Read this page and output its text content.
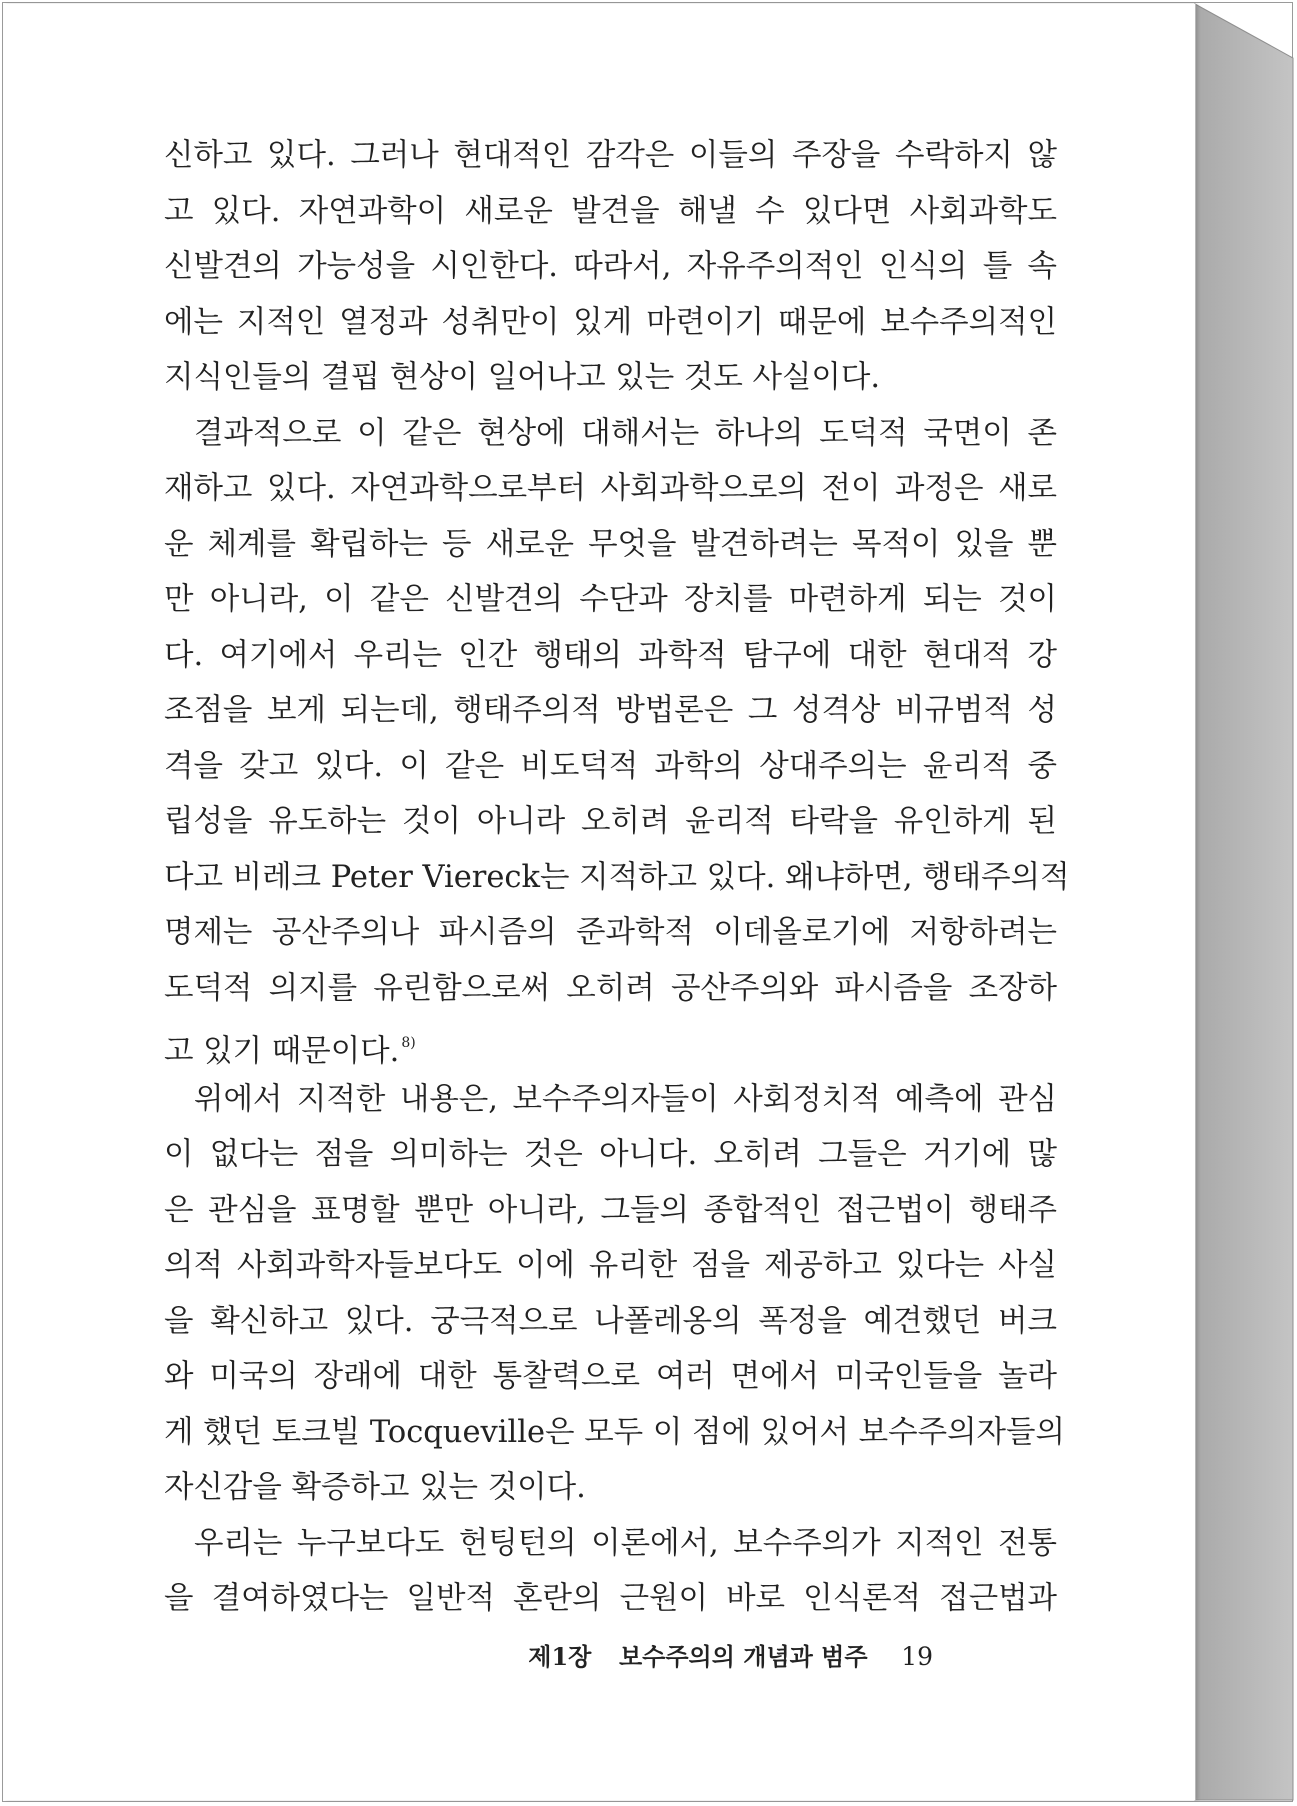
신하고 있다. 그러나 현대적인 감각은 이들의 주장을 수락하지 않
고 있다. 자연과학이 새로운 발견을 해낼 수 있다면 사회과학도
신발견의 가능성을 시인한다. 따라서, 자유주의적인 인식의 틀 속
에는 지적인 열정과 성취만이 있게 마련이기 때문에 보수주의적인
지식인들의 결핍 현상이 일어나고 있는 것도 사실이다.
결과적으로 이 같은 현상에 대해서는 하나의 도덕적 국면이 존
재하고 있다. 자연과학으로부터 사회과학으로의 전이 과정은 새로
운 체계를 확립하는 등 새로운 무엇을 발견하려는 목적이 있을 뿐
만 아니라, 이 같은 신발견의 수단과 장치를 마련하게 되는 것이
다. 여기에서 우리는 인간 행태의 과학적 탐구에 대한 현대적 강
조점을 보게 되는데, 행태주의적 방법론은 그 성격상 비규범적 성
격을 갖고 있다. 이 같은 비도덕적 과학의 상대주의는 윤리적 중
립성을 유도하는 것이 아니라 오히려 윤리적 타락을 유인하게 된
다고 비레크 Peter Viereck는 지적하고 있다. 왜냐하면, 행태주의적
명제는 공산주의나 파시즘의 준과학적 이데올로기에 저항하려는
도덕적 의지를 유린함으로써 오히려 공산주의와 파시즘을 조장하
고 있기 때문이다. $^{8)}$
위에서 지적한 내용은, 보수주의자들이 사회정치적 예측에 관심
이 없다는 점을 의미하는 것은 아니다. 오히려 그들은 거기에 많
은 관심을 표명할 뿐만 아니라, 그들의 종합적인 접근법이 행태주
의적 사회과학자들보다도 이에 유리한 점을 제공하고 있다는 사실
을 확신하고 있다. 궁극적으로 나폴레옹의 폭정을 예견했던 버크
와 미국의 장래에 대한 통찰력으로 여러 면에서 미국인들을 놀라
게 했던 토크빌 Tocqueville은 모두 이 점에 있어서 보수주의자들의
자신감을 확증하고 있는 것이다.
우리는 누구보다도 헌팅턴의 이론에서, 보수주의가 지적인 전통
을 결여하였다는 일반적 혼란의 근원이 바로 인식론적 접근법과
제1장 보수주의의 개념과 범주 19
